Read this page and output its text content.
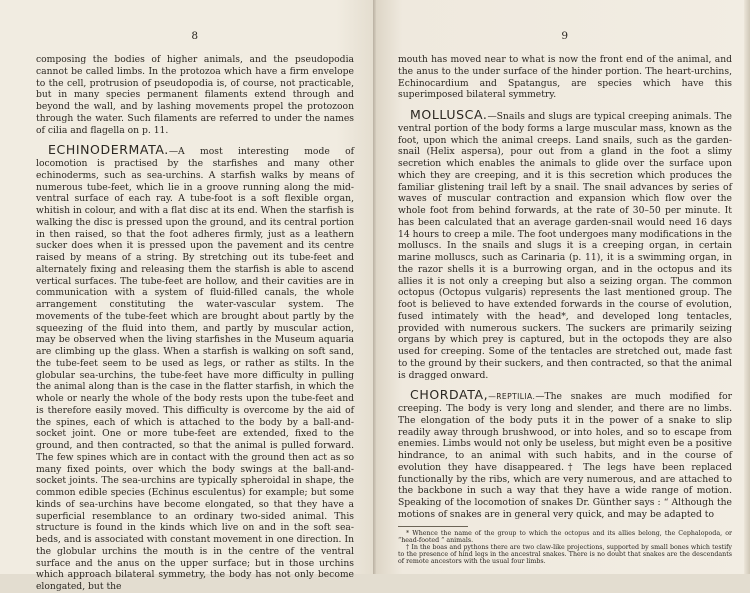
8

composing the bodies of higher animals, and the pseudopodia cannot be called limbs. In the protozoa which have a firm envelope to the cell, protrusion of pseudopodia is, of course, not practicable, but in many species permanent filaments extend through and beyond the wall, and by lashing movements propel the protozoon through the water. Such filaments are referred to under the names of cilia and flagella on p. 11.

ECHINODERMATA.—A most interesting mode of locomotion is practised by the starfishes and many other echinoderms, such as sea-urchins. A starfish walks by means of numerous tube-feet, which lie in a groove running along the mid-ventral surface of each ray. A tube-foot is a soft flexible organ, whitish in colour, and with a flat disc at its end. When the starfish is walking the disc is pressed upon the ground, and its central portion in then raised, so that the foot adheres firmly, just as a leathern sucker does when it is pressed upon the pavement and its centre raised by means of a string. By stretching out its tube-feet and alternately fixing and releasing them the starfish is able to ascend vertical surfaces. The tube-feet are hollow, and their cavities are in communication with a system of fluid-filled canals, the whole arrangement constituting the water-vascular system. The movements of the tube-feet which are brought about partly by the squeezing of the fluid into them, and partly by muscular action, may be observed when the living starfishes in the Museum aquaria are climbing up the glass. When a starfish is walking on soft sand, the tube-feet seem to be used as legs, or rather as stilts. In the globular sea-urchins, the tube-feet have more difficulty in pulling the animal along than is the case in the flatter starfish, in which the whole or nearly the whole of the body rests upon the tube-feet and is therefore easily moved. This difficulty is overcome by the aid of the spines, each of which is attached to the body by a ball-and-socket joint. One or more tube-feet are extended, fixed to the ground, and then contracted, so that the animal is pulled forward. The few spines which are in contact with the ground then act as so many fixed points, over which the body swings at the ball-and-socket joints. The sea-urchins are typically spheroidal in shape, the common edible species (Echinus esculentus) for example; but some kinds of sea-urchins have become elongated, so that they have a superficial resemblance to an ordinary two-sided animal. This structure is found in the kinds which live on and in the soft sea-beds, and is associated with constant movement in one direction. In the globular urchins the mouth is in the centre of the ventral surface and the anus on the upper surface; but in those urchins which approach bilateral symmetry, the body has not only become elongated, but the

9

mouth has moved near to what is now the front end of the animal, and the anus to the under surface of the hinder portion. The heart-urchins, Echinocardium and Spatangus, are species which have this superimposed bilateral symmetry.

MOLLUSCA.—Snails and slugs are typical creeping animals. The ventral portion of the body forms a large muscular mass, known as the foot, upon which the animal creeps. Land snails, such as the garden-snail (Helix aspersa), pour out from a gland in the foot a slimy secretion which enables the animals to glide over the surface upon which they are creeping, and it is this secretion which produces the familiar glistening trail left by a snail. The snail advances by series of waves of muscular contraction and expansion which flow over the whole foot from behind forwards, at the rate of 30–50 per minute. It has been calculated that an average garden-snail would need 16 days 14 hours to creep a mile. The foot undergoes many modifications in the molluscs. In the snails and slugs it is a creeping organ, in certain marine molluscs, such as Carinaria (p. 11), it is a swimming organ, in the razor shells it is a burrowing organ, and in the octopus and its allies it is not only a creeping but also a seizing organ. The common octopus (Octopus vulgaris) represents the last mentioned group. The foot is believed to have extended forwards in the course of evolution, fused intimately with the head*, and developed long tentacles, provided with numerous suckers. The suckers are primarily seizing organs by which prey is captured, but in the octopods they are also used for creeping. Some of the tentacles are stretched out, made fast to the ground by their suckers, and then contracted, so that the animal is dragged onward.

CHORDATA,—REPTILIA.—The snakes are much modified for creeping. The body is very long and slender, and there are no limbs. The elongation of the body puts it in the power of a snake to slip readily away through brushwood, or into holes, and so to escape from enemies. Limbs would not only be useless, but might even be a positive hindrance, to an animal with such habits, and in the course of evolution they have disappeared.† The legs have been replaced functionally by the ribs, which are very numerous, and are attached to the backbone in such a way that they have a wide range of motion. Speaking of the locomotion of snakes Dr. Günther says : “ Although the motions of snakes are in general very quick, and may be adapted to

* Whence the name of the group to which the octopus and its allies belong, the Cephalopoda, or “head-footed ” animals.

† In the boas and pythons there are two claw-like projections, supported by small bones which testify to the presence of hind legs in the ancestral snakes. There is no doubt that snakes are the descendants of remote ancestors with the usual four limbs.
